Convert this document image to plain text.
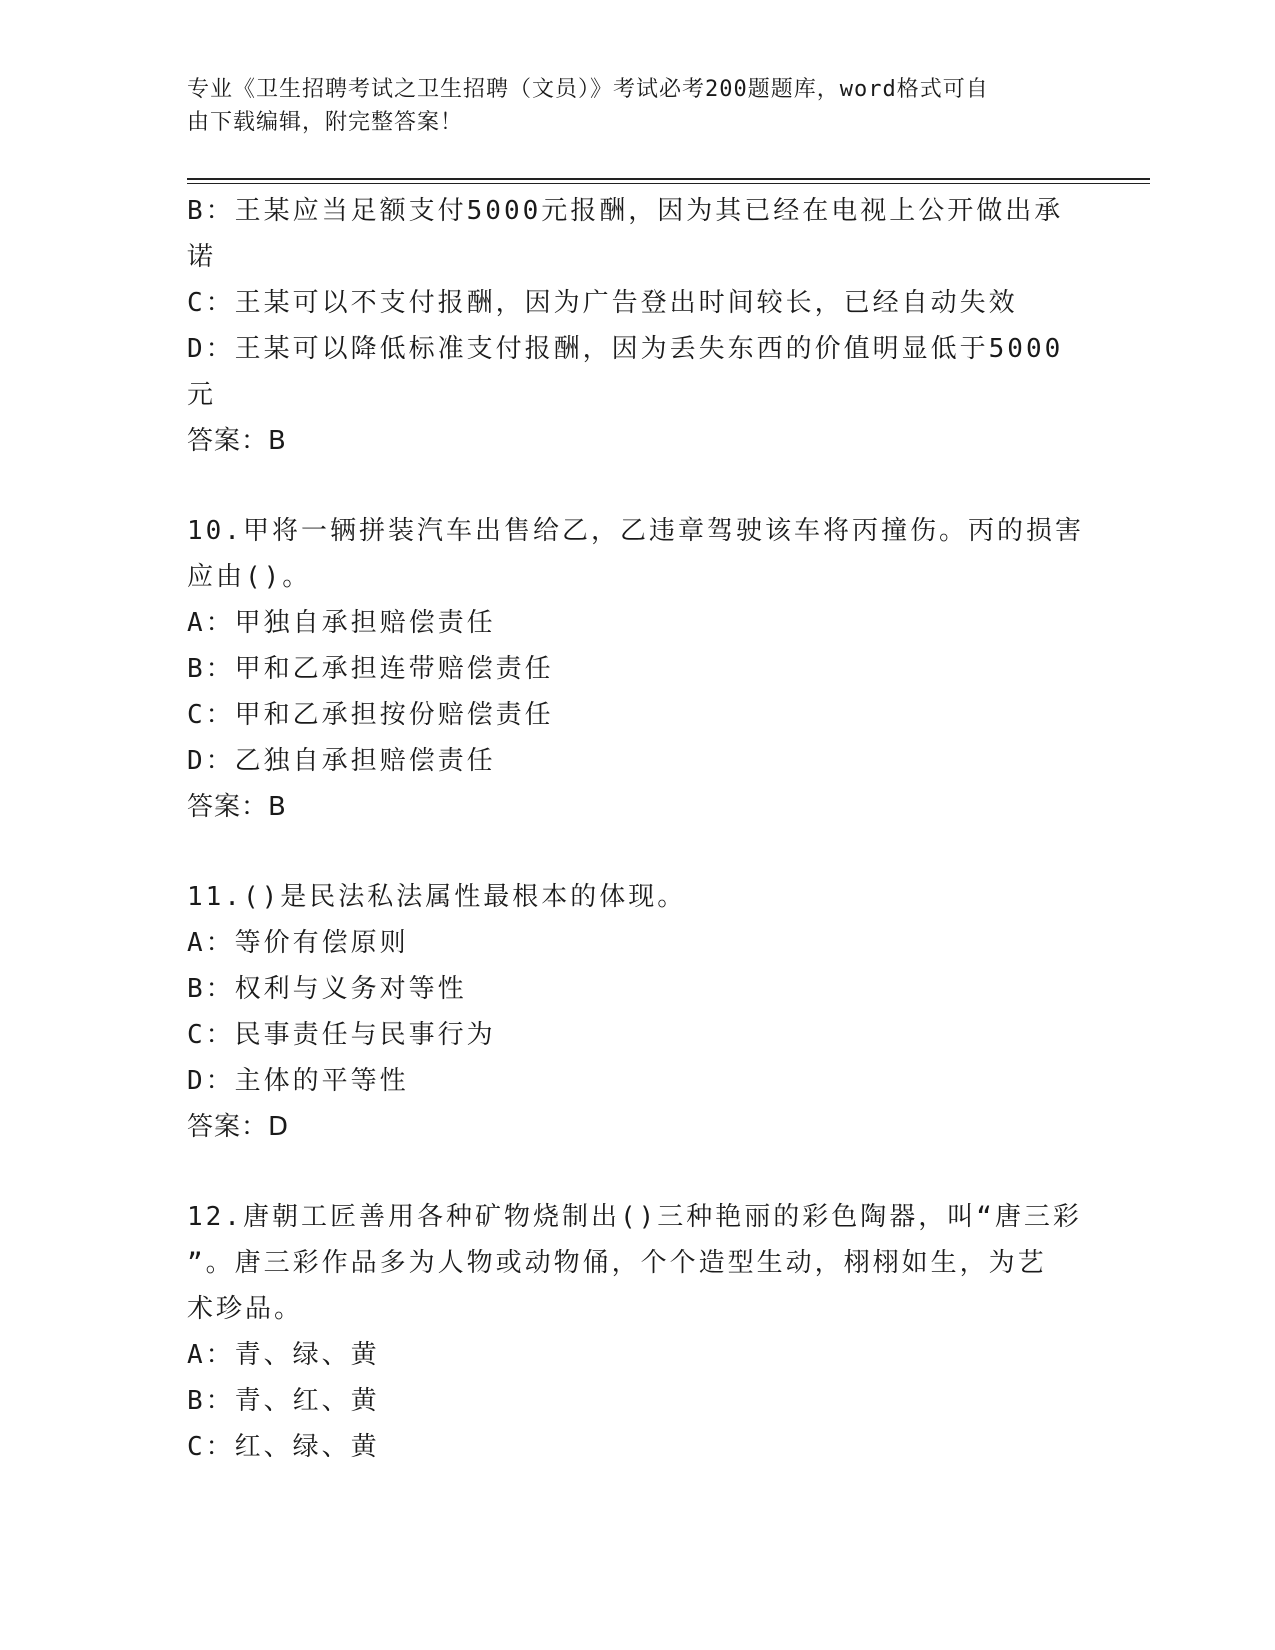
专业《卫生招聘考试之卫生招聘（文员）》考试必考200题题库，word格式可自
由下载编辑，附完整答案！
B：王某应当足额支付5000元报酬，因为其已经在电视上公开做出承
诺
C：王某可以不支付报酬，因为广告登出时间较长，已经自动失效
D：王某可以降低标准支付报酬，因为丢失东西的价值明显低于5000
元
答案：B
10.甲将一辆拼装汽车出售给乙，乙违章驾驶该车将丙撞伤。丙的损害
应由()。
A：甲独自承担赔偿责任
B：甲和乙承担连带赔偿责任
C：甲和乙承担按份赔偿责任
D：乙独自承担赔偿责任
答案：B
11.()是民法私法属性最根本的体现。
A：等价有偿原则
B：权利与义务对等性
C：民事责任与民事行为
D：主体的平等性
答案：D
12.唐朝工匠善用各种矿物烧制出()三种艳丽的彩色陶器，叫“唐三彩
”。唐三彩作品多为人物或动物俑，个个造型生动，栩栩如生，为艺
术珍品。
A：青、绿、黄
B：青、红、黄
C：红、绿、黄
